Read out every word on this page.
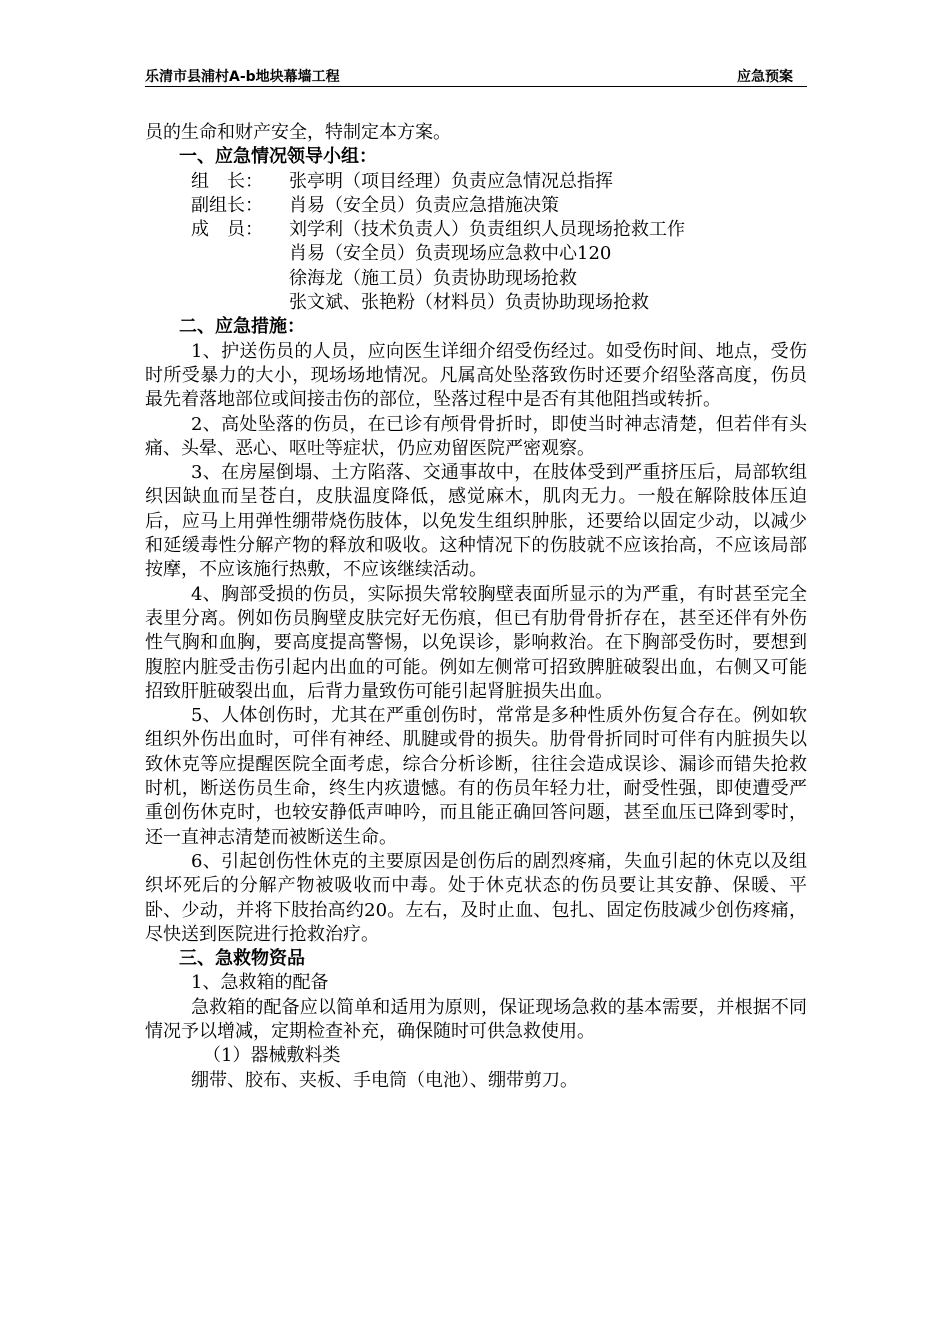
乐清市县浦村A-b地块幕墙工程	应急预案

员的生命和财产安全，特制定本方案。

一、应急情况领导小组：

组　长：	张亭明（项目经理）负责应急情况总指挥
副组长：	肖易（安全员）负责应急措施决策
成　员：	刘学利（技术负责人）负责组织人员现场抢救工作
肖易（安全员）负责现场应急救中心120
徐海龙（施工员）负责协助现场抢救
张文斌、张艳粉（材料员）负责协助现场抢救

二、应急措施：

1、护送伤员的人员，应向医生详细介绍受伤经过。如受伤时间、地点，受伤时所受暴力的大小，现场场地情况。凡属高处坠落致伤时还要介绍坠落高度，伤员最先着落地部位或间接击伤的部位，坠落过程中是否有其他阻挡或转折。

2、高处坠落的伤员，在已诊有颅骨骨折时，即使当时神志清楚，但若伴有头痛、头晕、恶心、呕吐等症状，仍应劝留医院严密观察。

3、在房屋倒塌、土方陷落、交通事故中，在肢体受到严重挤压后，局部软组织因缺血而呈苍白，皮肤温度降低，感觉麻木，肌肉无力。一般在解除肢体压迫后，应马上用弹性绷带烧伤肢体，以免发生组织肿胀，还要给以固定少动，以减少和延缓毒性分解产物的释放和吸收。这种情况下的伤肢就不应该抬高，不应该局部按摩，不应该施行热敷，不应该继续活动。

4、胸部受损的伤员，实际损失常较胸壁表面所显示的为严重，有时甚至完全表里分离。例如伤员胸壁皮肤完好无伤痕，但已有肋骨骨折存在，甚至还伴有外伤性气胸和血胸，要高度提高警惕，以免误诊，影响救治。在下胸部受伤时，要想到腹腔内脏受击伤引起内出血的可能。例如左侧常可招致脾脏破裂出血，右侧又可能招致肝脏破裂出血，后背力量致伤可能引起肾脏损失出血。

5、人体创伤时，尤其在严重创伤时，常常是多种性质外伤复合存在。例如软组织外伤出血时，可伴有神经、肌腱或骨的损失。肋骨骨折同时可伴有内脏损失以致休克等应提醒医院全面考虑，综合分析诊断，往往会造成误诊、漏诊而错失抢救时机，断送伤员生命，终生内疚遗憾。有的伤员年轻力壮，耐受性强，即使遭受严重创伤休克时，也较安静低声呻吟，而且能正确回答问题，甚至血压已降到零时，还一直神志清楚而被断送生命。

6、引起创伤性休克的主要原因是创伤后的剧烈疼痛，失血引起的休克以及组织坏死后的分解产物被吸收而中毒。处于休克状态的伤员要让其安静、保暖、平卧、少动，并将下肢抬高约20。左右，及时止血、包扎、固定伤肢减少创伤疼痛，尽快送到医院进行抢救治疗。

三、急救物资品

1、急救箱的配备

急救箱的配备应以简单和适用为原则，保证现场急救的基本需要，并根据不同情况予以增减，定期检查补充，确保随时可供急救使用。

（1）器械敷料类

绷带、胶布、夹板、手电筒（电池）、绷带剪刀。
